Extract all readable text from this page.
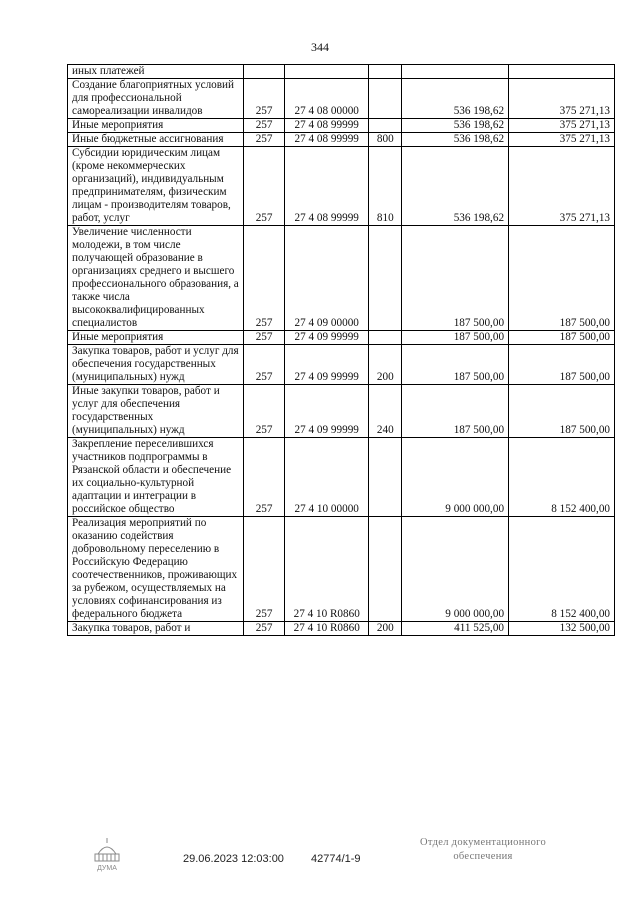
344
иных платежей					
Создание благоприятных условий для профессиональной самореализации инвалидов	257	27 4 08 00000		536 198,62	375 271,13
Иные мероприятия	257	27 4 08 99999		536 198,62	375 271,13
Иные бюджетные ассигнования	257	27 4 08 99999	800	536 198,62	375 271,13
Субсидии юридическим лицам (кроме некоммерческих организаций), индивидуальным предпринимателям, физическим лицам - производителям товаров, работ, услуг	257	27 4 08 99999	810	536 198,62	375 271,13
Увеличение численности молодежи, в том числе получающей образование в организациях среднего и высшего профессионального образования, а также числа высококвалифицированных специалистов	257	27 4 09 00000		187 500,00	187 500,00
Иные мероприятия	257	27 4 09 99999		187 500,00	187 500,00
Закупка товаров, работ и услуг для обеспечения государственных (муниципальных) нужд	257	27 4 09 99999	200	187 500,00	187 500,00
Иные закупки товаров, работ и услуг для обеспечения государственных (муниципальных) нужд	257	27 4 09 99999	240	187 500,00	187 500,00
Закрепление переселившихся участников подпрограммы в Рязанской области и обеспечение их социально-культурной адаптации и интеграции в российское общество	257	27 4 10 00000		9 000 000,00	8 152 400,00
Реализация мероприятий по оказанию содействия добровольному переселению в Российскую Федерацию соотечественников, проживающих за рубежом, осуществляемых на условиях софинансирования из федерального бюджета	257	27 4 10 R0860		9 000 000,00	8 152 400,00
Закупка товаров, работ и	257	27 4 10 R0860	200	411 525,00	132 500,00
ДУМА
29.06.2023 12:03:00 42774/1-9
Отдел документационного
обеспечения
